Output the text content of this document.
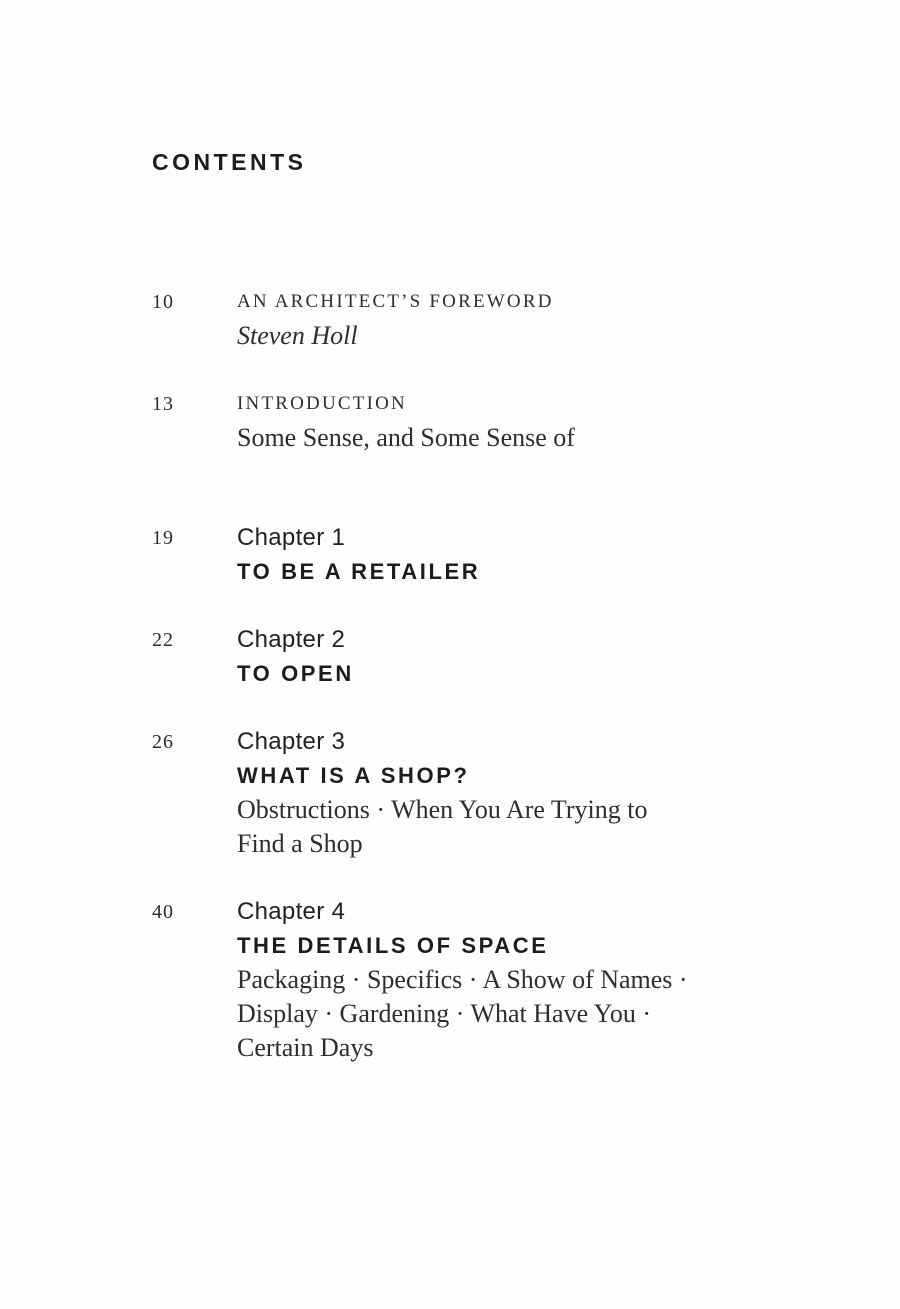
CONTENTS
10	AN ARCHITECT’S FOREWORD
Steven Holl
13	INTRODUCTION
Some Sense, and Some Sense of
19	Chapter 1
TO BE A RETAILER
22	Chapter 2
TO OPEN
26	Chapter 3
WHAT IS A SHOP?
Obstructions · When You Are Trying to
Find a Shop
40	Chapter 4
THE DETAILS OF SPACE
Packaging · Specifics · A Show of Names ·
Display · Gardening · What Have You ·
Certain Days
